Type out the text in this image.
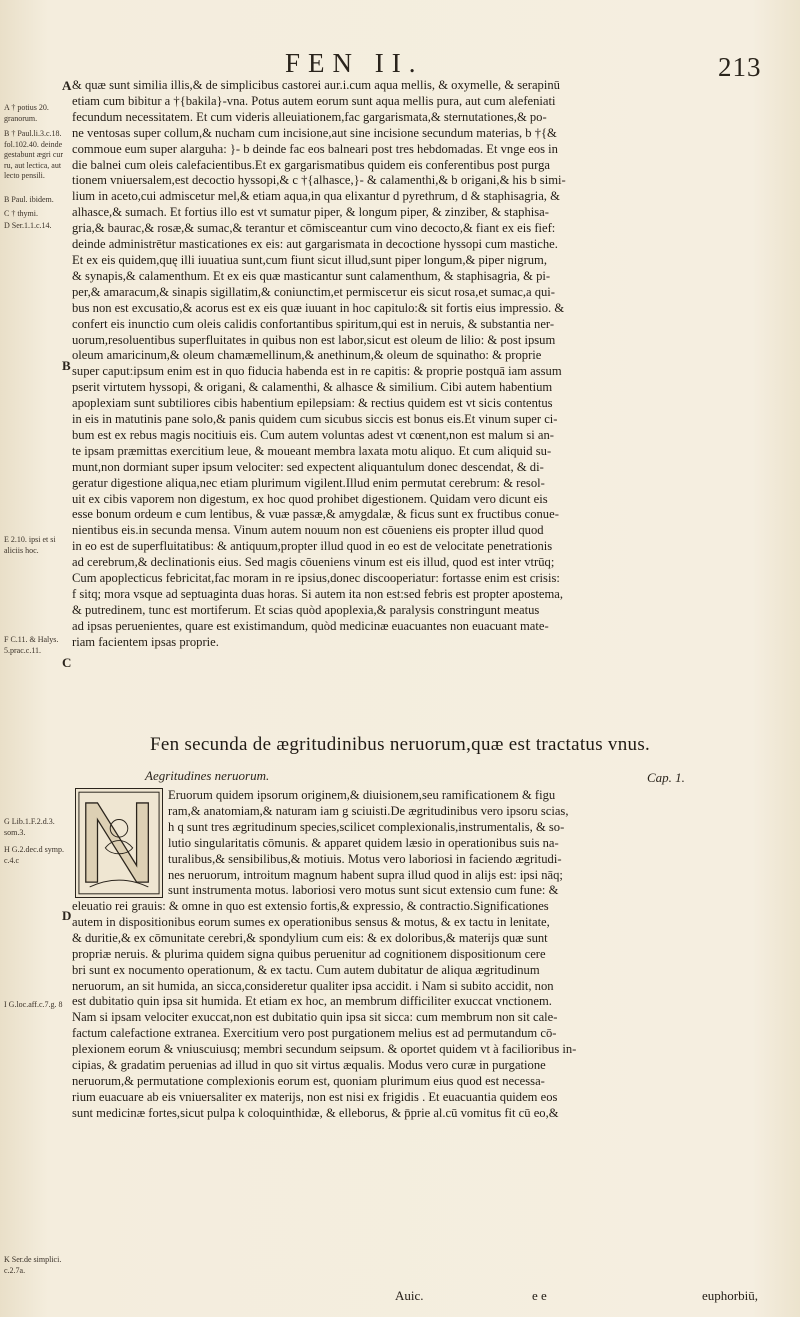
FEN II.	213
A † potius 20. granorum.
B † Paul.li.3.c.18. fol.102.40. deinde gestabunt ægri cur ru, aut lectica, aut lecto pensili.
B Paul. ibidem.
C † thymi.
D Ser.1.1.c.14.
E 2.10. ipsi et si aliciis hoc.
F C.11. & Halys. 5.prac.c.11.
G Lib.1.F.2.d.3. som.3.
H G.2.dec.d symp. c.4.c
I G.loc.aff.c.7.g. 8
K Ser.de simplici. c.2.7a.
A
B
C
D
& quæ sunt similia illis,& de simplicibus castorei aur.i.cum aqua mellis, & oxymelle, & serapinū
etiam cum bibitur a †{bakila}-vna. Potus autem eorum sunt aqua mellis pura, aut cum alefeniati
fecundum necessitatem. Et cum videris alleuiationem,fac gargarismata,& sternutationes,& po-
ne ventosas super collum,& nucham cum incisione,aut sine incisione secundum materias, b †{&
commoue eum super alarguha: }- b deinde fac eos balneari post tres hebdomadas. Et vnge eos in
die balnei cum oleis calefacientibus.Et ex gargarismatibus quidem eis conferentibus post purga
tionem vniuersalem,est decoctio hyssopi,& c †{alhasce,}- & calamenthi,& b origani,& his b simi-
lium in aceto,cui admiscetur mel,& etiam aqua,in qua elixantur d pyrethrum, d & staphisagria, &
alhasce,& sumach. Et fortius illo est vt sumatur piper, & longum piper, & zinziber, & staphisa-
gria,& baurac,& rosæ,& sumac,& terantur et cōmisceantur cum vino decocto,& fiant ex eis fief:
deinde administrētur masticationes ex eis: aut gargarismata in decoctione hyssopi cum mastiche.
Et ex eis quidem,quę illi iuuatiua sunt,cum fiunt sicut illud,sunt piper longum,& piper nigrum,
& synapis,& calamenthum. Et ex eis quæ masticantur sunt calamenthum, & staphisagria, & pi-
per,& amaracum,& sinapis sigillatim,& coniunctim,et permisceτur eis sicut rosa,et sumac,a qui-
bus non est excusatio,& acorus est ex eis quæ iuuant in hoc capitulo:& sit fortis eius impressio. &
confert eis inunctio cum oleis calidis confortantibus spiritum,qui est in neruis, & substantia ner-
uorum,resoluentibus superfluitates in quibus non est labor,sicut est oleum de lilio: & post ipsum
oleum amaricinum,& oleum chamæmellinum,& anethinum,& oleum de squinatho: & proprie
super caput:ipsum enim est in quo fiducia habenda est in re capitis: & proprie postquā iam assum
pserit virtutem hyssopi, & origani, & calamenthi, & alhasce & similium. Cibi autem habentium
apoplexiam sunt subtiliores cibis habentium epilepsiam: & rectius quidem est vt sicis contentus
in eis in matutinis pane solo,& panis quidem cum sicubus siccis est bonus eis.Et vinum super ci-
bum est ex rebus magis nocitiuis eis. Cum autem voluntas adest vt cœnent,non est malum si an-
te ipsam præmittas exercitium leue, & moueant membra laxata motu aliquo. Et cum aliquid su-
munt,non dormiant super ipsum velociter: sed expectent aliquantulum donec descendat, & di-
geratur digestione aliqua,nec etiam plurimum vigilent.Illud enim permutat cerebrum: & resol-
uit ex cibis vaporem non digestum, ex hoc quod prohibet digestionem. Quidam vero dicunt eis
esse bonum ordeum e cum lentibus, & vuæ passæ,& amygdalæ, & ficus sunt ex fructibus conue-
nientibus eis.in secunda mensa. Vinum autem nouum non est cōueniens eis propter illud quod
in eo est de superfluitatibus: & antiquum,propter illud quod in eo est de velocitate penetrationis
ad cerebrum,& declinationis eius. Sed magis cōueniens vinum est eis illud, quod est inter vtrūq;
Cum apoplecticus febricitat,fac moram in re ipsius,donec discooperiatur: fortasse enim est crisis:
f sitq; mora vsque ad septuaginta duas horas. Si autem ita non est:sed febris est propter apostema,
& putredinem, tunc est mortiferum. Et scias quòd apoplexia,& paralysis constringunt meatus
ad ipsas peruenientes, quare est existimandum, quòd medicinæ euacuantes non euacuant mate-
riam facientem ipsas proprie.
Fen secunda de ægritudinibus neruorum,quæ est tractatus vnus.
Aegritudines neruorum.	Cap. 1.
Eruorum quidem ipsorum originem,& diuisionem,seu ramificationem & figu
ram,& anatomiam,& naturam iam g sciuisti.De ægritudinibus vero ipsoru scias,
h q sunt tres ægritudinum species,scilicet complexionalis,instrumentalis, & so-
lutio singularitatis cōmunis. & apparet quidem læsio in operationibus suis na-
turalibus,& sensibilibus,& motiuis. Motus vero laboriosi in faciendo ægritudi-
nes neruorum, introitum magnum habent supra illud quod in alijs est: ipsi nāq;
sunt instrumenta motus. laboriosi vero motus sunt sicut extensio cum fune: &
eleuatio rei grauis: & omne in quo est extensio fortis,& expressio, & contractio.Significationes
autem in dispositionibus eorum sumes ex operationibus sensus & motus, & ex tactu in lenitate,
& duritie,& ex cōmunitate cerebri,& spondylium cum eis: & ex doloribus,& materijs quæ sunt
propriæ neruis. & plurima quidem signa quibus peruenitur ad cognitionem dispositionum cere
bri sunt ex nocumento operationum, & ex tactu. Cum autem dubitatur de aliqua ægritudinum
neruorum, an sit humida, an sicca,consideretur qualiter ipsa accidit. i Nam si subito accidit, non
est dubitatio quin ipsa sit humida. Et etiam ex hoc, an membrum difficiliter exuccat vnctionem.
Nam si ipsam velociter exuccat,non est dubitatio quin ipsa sit sicca: cum membrum non sit cale-
factum calefactione extranea. Exercitium vero post purgationem melius est ad permutandum cō-
plexionem eorum & vniuscuiusq; membri secundum seipsum. & oportet quidem vt à facilioribus in-
cipias, & gradatim peruenias ad illud in quo sit virtus æqualis. Modus vero curæ in purgatione
neruorum,& permutatione complexionis eorum est, quoniam plurimum eius quod est necessa-
rium euacuare ab eis vniuersaliter ex materijs, non est nisi ex frigidis . Et euacuantia quidem eos
sunt medicinæ fortes,sicut pulpa k coloquinthidæ, & elleborus, & p̄prie al.cū vomitus fit cū eo,&
Auic.	e e	euphorbiū,
